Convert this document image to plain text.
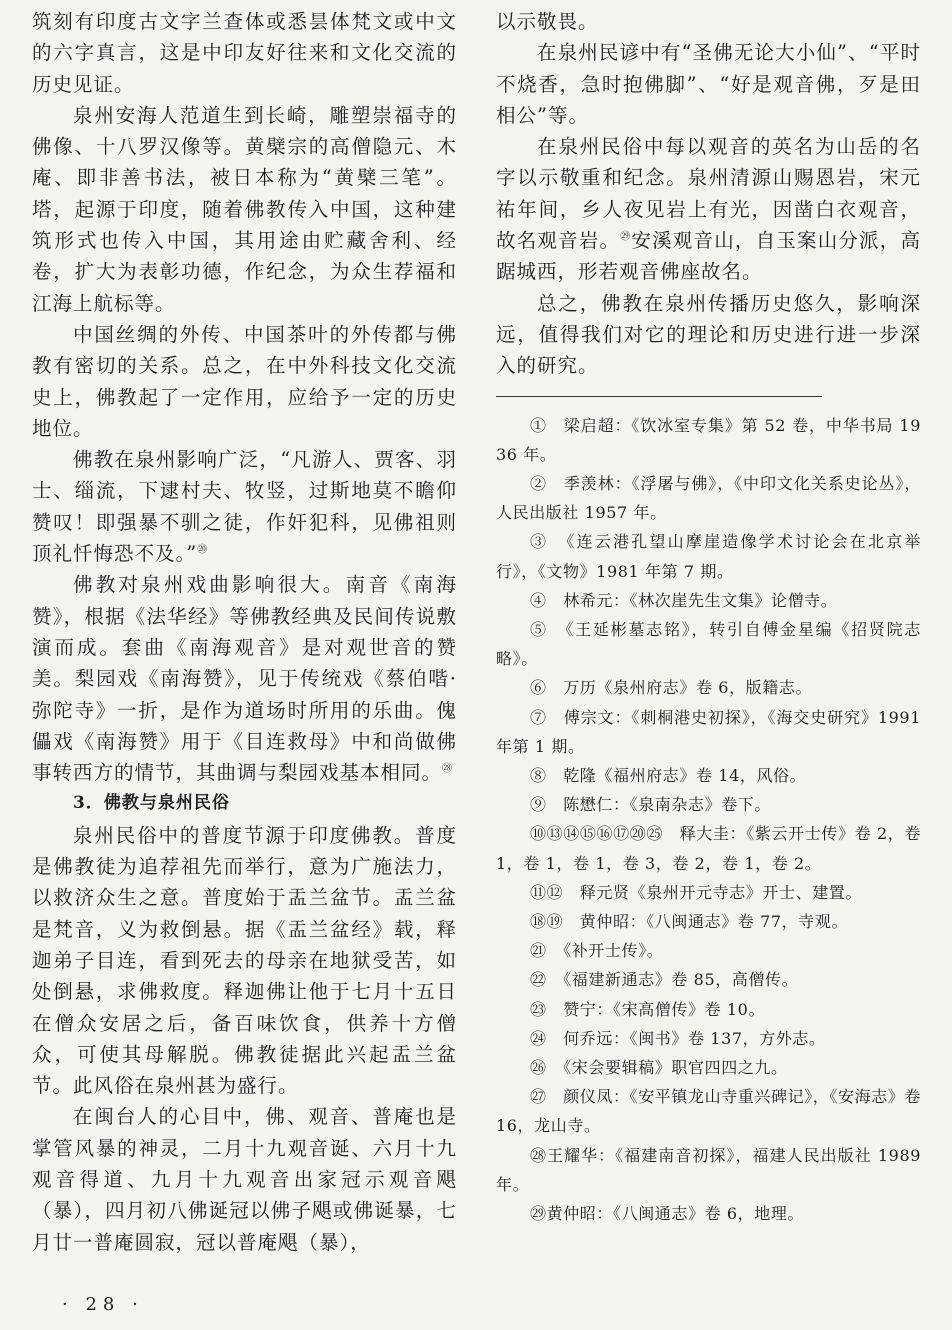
筑刻有印度古文字兰查体或悉昙体梵文或中文的六字真言，这是中印友好往来和文化交流的历史见证。

泉州安海人范道生到长崎，雕塑崇福寺的佛像、十八罗汉像等。黄檗宗的高僧隐元、木庵、即非善书法，被日本称为“黄檗三笔”。塔，起源于印度，随着佛教传入中国，这种建筑形式也传入中国，其用途由贮藏舍利、经卷，扩大为表彰功德，作纪念，为众生荐福和江海上航标等。

中国丝绸的外传、中国茶叶的外传都与佛教有密切的关系。总之，在中外科技文化交流史上，佛教起了一定作用，应给予一定的历史地位。

佛教在泉州影响广泛，“凡游人、贾客、羽士、缁流，下逮村夫、牧竖，过斯地莫不瞻仰赞叹！即强暴不驯之徒，作奸犯科，见佛祖则顶礼忏悔恐不及。”⑳

佛教对泉州戏曲影响很大。南音《南海赞》，根据《法华经》等佛教经典及民间传说敷演而成。套曲《南海观音》是对观世音的赞美。梨园戏《南海赞》，见于传统戏《蔡伯喈·弥陀寺》一折，是作为道场时所用的乐曲。傀儡戏《南海赞》用于《目连救母》中和尚做佛事转西方的情节，其曲调与梨园戏基本相同。$^㉘$

3．佛教与泉州民俗

泉州民俗中的普度节源于印度佛教。普度是佛教徒为追荐祖先而举行，意为广施法力，以救济众生之意。普度始于盂兰盆节。盂兰盆是梵音，义为救倒悬。据《盂兰盆经》载，释迦弟子目连，看到死去的母亲在地狱受苦，如处倒悬，求佛救度。释迦佛让他于七月十五日在僧众安居之后，备百味饮食，供养十方僧众，可使其母解脱。佛教徒据此兴起盂兰盆节。此风俗在泉州甚为盛行。

在闽台人的心目中，佛、观音、普庵也是掌管风暴的神灵，二月十九观音诞、六月十九观音得道、九月十九观音出家冠示观音飓（暴），四月初八佛诞冠以佛子飓或佛诞暴，七月廿一普庵圆寂，冠以普庵飓（暴），

以示敬畏。

在泉州民谚中有“圣佛无论大小仙”、“平时不烧香，急时抱佛脚”、“好是观音佛，歹是田相公”等。

在泉州民俗中每以观音的英名为山岳的名字以示敬重和纪念。泉州清源山赐恩岩，宋元祐年间，乡人夜见岩上有光，因凿白衣观音，故名观音岩。$^㉙$安溪观音山，自玉案山分派，高踞城西，形若观音佛座故名。

总之，佛教在泉州传播历史悠久，影响深远，值得我们对它的理论和历史进行进一步深入的研究。

①　梁启超：《饮冰室专集》第 52 卷，中华书局 1936 年。

②　季羡林：《浮屠与佛》，《中印文化关系史论丛》，人民出版社 1957 年。

③　《连云港孔望山摩崖造像学术讨论会在北京举行》，《文物》1981 年第 7 期。

④　林希元：《林次崖先生文集》论僧寺。

⑤　《王延彬墓志铭》，转引自傅金星编《招贤院志略》。

⑥　万历《泉州府志》卷 6，版籍志。

⑦　傅宗文：《刺桐港史初探》，《海交史研究》1991 年第 1 期。

⑧　乾隆《福州府志》卷 14，风俗。

⑨　陈懋仁：《泉南杂志》卷下。

⑩⑬⑭⑮⑯⑰⑳㉕　释大圭：《紫云开士传》卷 2，卷 1，卷 1，卷 1，卷 3，卷 2，卷 1，卷 2。

⑪⑫　释元贤《泉州开元寺志》开士、建置。

⑱⑲　黄仲昭：《八闽通志》卷 77，寺观。

㉑　《补开士传》。

㉒　《福建新通志》卷 85，高僧传。

㉓　赞宁：《宋高僧传》卷 10。

㉔　何乔远：《闽书》卷 137，方外志。

㉖　《宋会要辑稿》职官四四之九。

㉗　颜仪凤：《安平镇龙山寺重兴碑记》，《安海志》卷 16，龙山寺。

㉘王耀华：《福建南音初探》，福建人民出版社 1989 年。

㉙黄仲昭：《八闽通志》卷 6，地理。

· 28 ·
